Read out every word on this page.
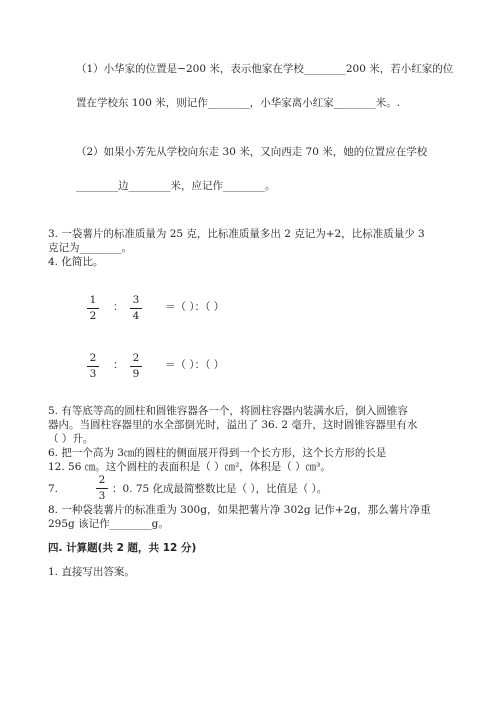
（1）小华家的位置是−200 米，表示他家在学校________200 米，若小红家的位
置在学校东 100 米，则记作________，小华家离小红家________米。.
（2）如果小芳先从学校向东走 30 米，又向西走 70 米，她的位置应在学校
________边________米，应记作________。
3. 一袋薯片的标准质量为 25 克，比标准质量多出 2 克记为+2，比标准质量少 3
克记为________。
4. 化简比。
1
2
：
3
4
＝（ ）：（ ）
2
3
：
2
9
＝（ ）：（ ）
5. 有等底等高的圆柱和圆锥容器各一个，将圆柱容器内装满水后，倒入圆锥容
器内。当圆柱容器里的水全部倒光时，溢出了 36. 2 毫升，这时圆锥容器里有水
（ ）升。
6. 把一个高为 3㎝的圆柱的侧面展开得到一个长方形，这个长方形的长是
12. 56 ㎝。这个圆柱的表面积是（ ）㎝²，体积是（ ）㎝³。
7.
2
3
：0. 75 化成最简整数比是（ ），比值是（ ）。
8. 一种袋装薯片的标准重为 300g，如果把薯片净 302g 记作+2g，那么薯片净重
295g 该记作________g。
四. 计算题(共 2 题，共 12 分)
1. 直接写出答案。
